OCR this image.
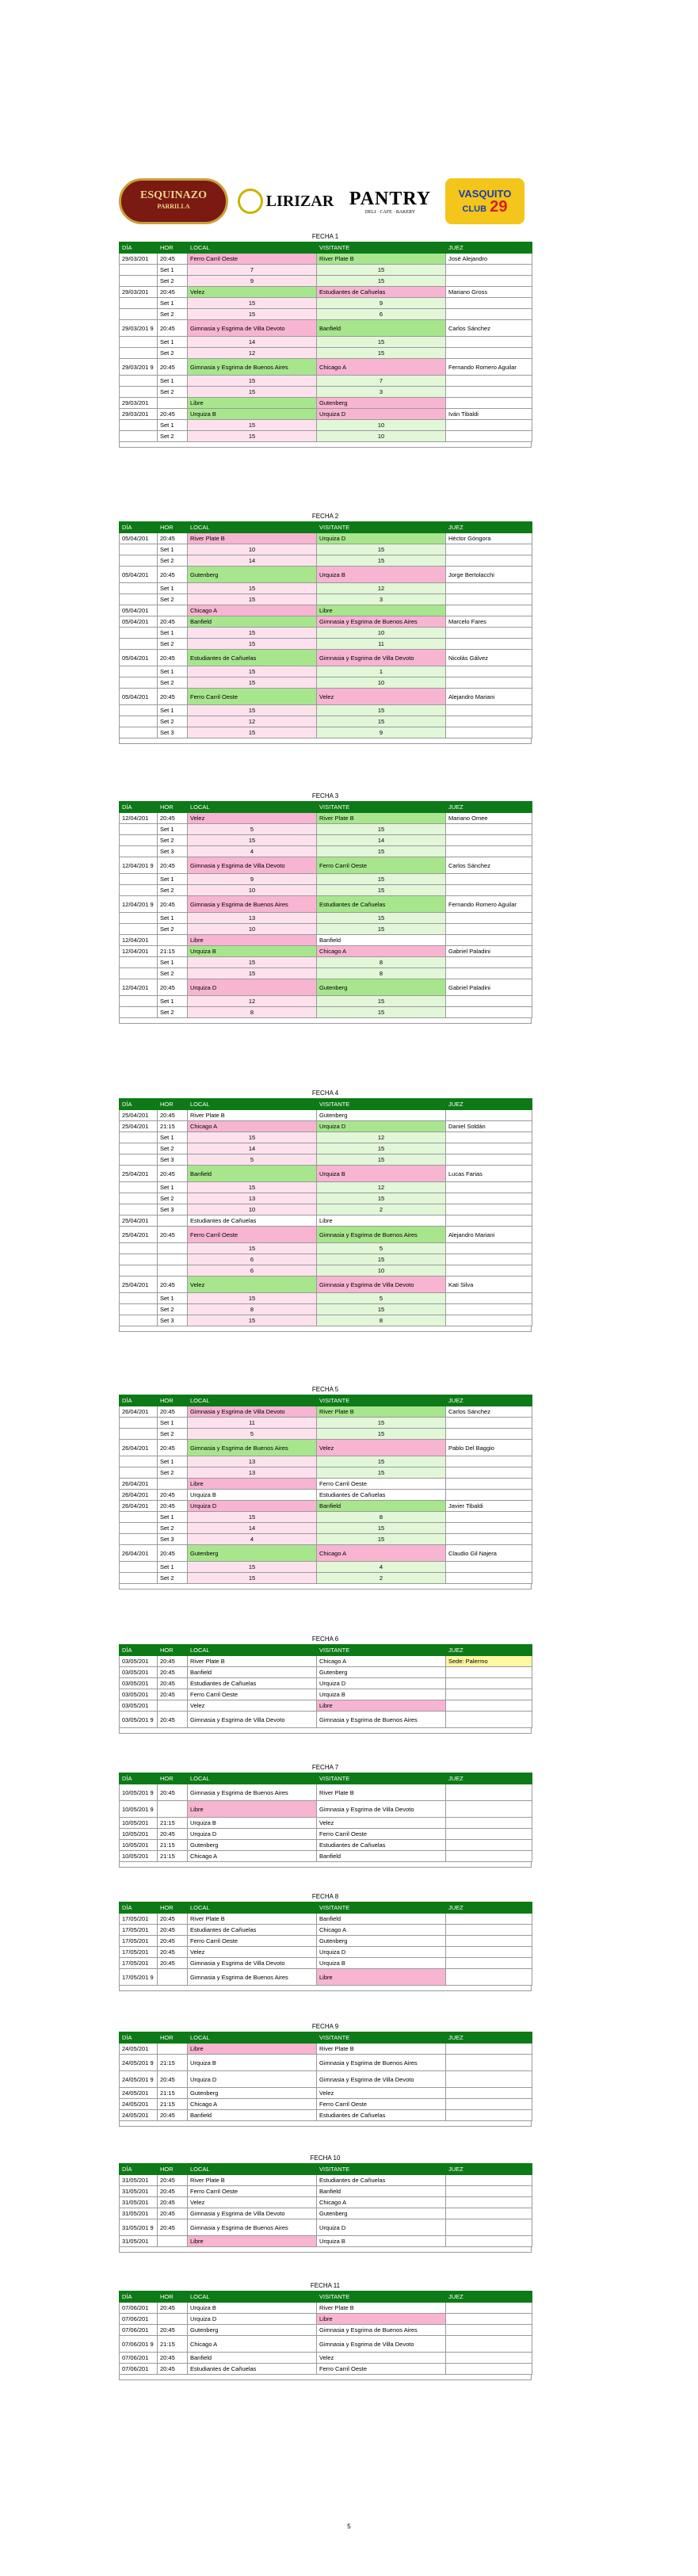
ESQUINAZO
PARRILLA	LIRIZAR PANTRY
DELI · CAFE · BAKERY
VASQUITO
CLUB 29
FECHA 1
DÍA	HOR	LOCAL	VISITANTE	JUEZ
29/03/201	20:45	Ferro Carril Oeste	River Plate B	José Alejandro
	Set 1	7	15	
	Set 2	9	15	
29/03/201	20:45	Velez	Estudiantes de Cañuelas	Mariano Gross
	Set 1	15	9	
	Set 2	15	6	
29/03/201 9	20:45	Gimnasia y Esgrima de Villa Devoto	Banfield	Carlos Sánchez
	Set 1	14	15	
	Set 2	12	15	
29/03/201 9	20:45	Gimnasia y Esgrima de Buenos Aires	Chicago A	Fernando Romero Aguilar
	Set 1	15	7	
	Set 2	15	3	
29/03/201		Libre	Gutenberg	
29/03/201	20:45	Urquiza B	Urquiza D	Iván Tibaldi
	Set 1	15	10	
	Set 2	15	10	
FECHA 2
DÍA	HOR	LOCAL	VISITANTE	JUEZ
05/04/201	20:45	River Plate B	Urquiza D	Héctor Góngora
	Set 1	10	15	
	Set 2	14	15	
05/04/201	20:45	Gutenberg	Urquiza B	Jorge Bertolacchi
	Set 1	15	12	
	Set 2	15	3	
05/04/201		Chicago A	Libre	
05/04/201	20:45	Banfield	Gimnasia y Esgrima de Buenos Aires	Marcelo Fares
	Set 1	15	10	
	Set 2	15	11	
05/04/201	20:45	Estudiantes de Cañuelas	Gimnasia y Esgrima de Villa Devoto	Nicolás Gálvez
	Set 1	15	1	
	Set 2	15	10	
05/04/201	20:45	Ferro Carril Oeste	Velez	Alejandro Mariani
	Set 1	15	15	
	Set 2	12	15	
	Set 3	15	9	
FECHA 3
DÍA	HOR	LOCAL	VISITANTE	JUEZ
12/04/201	20:45	Velez	River Plate B	Mariano Omee
	Set 1	5	15	
	Set 2	15	14	
	Set 3	4	15	
12/04/201 9	20:45	Gimnasia y Esgrima de Villa Devoto	Ferro Carril Oeste	Carlos Sánchez
	Set 1	9	15	
	Set 2	10	15	
12/04/201 9	20:45	Gimnasia y Esgrima de Buenos Aires	Estudiantes de Cañuelas	Fernando Romero Aguilar
	Set 1	13	15	
	Set 2	10	15	
12/04/201		Libre	Banfield	
12/04/201	21:15	Urquiza B	Chicago A	Gabriel Paladini
	Set 1	15	8	
	Set 2	15	8	
12/04/201	20:45	Urquiza D	Gutenberg	Gabriel Paladini
	Set 1	12	15	
	Set 2	8	15	
FECHA 4
DÍA	HOR	LOCAL	VISITANTE	JUEZ
25/04/201	20:45	River Plate B	Gutenberg	
25/04/201	21:15	Chicago A	Urquiza D	Daniel Soldán
	Set 1	15	12	
	Set 2	14	15	
	Set 3	5	15	
25/04/201	20:45	Banfield	Urquiza B	Lucas Farias
	Set 1	15	12	
	Set 2	13	15	
	Set 3	10	2	
25/04/201		Estudiantes de Cañuelas	Libre	
25/04/201	20:45	Ferro Carril Oeste	Gimnasia y Esgrima de Buenos Aires	Alejandro Mariani
		15	5	
		6	15	
		6	10	
25/04/201	20:45	Velez	Gimnasia y Esgrima de Villa Devoto	Kati Silva
	Set 1	15	5	
	Set 2	8	15	
	Set 3	15	8	
FECHA 5
DÍA	HOR	LOCAL	VISITANTE	JUEZ
26/04/201	20:45	Gimnasia y Esgrima de Villa Devoto	River Plate B	Carlos Sánchez
	Set 1	11	15	
	Set 2	5	15	
26/04/201	20:45	Gimnasia y Esgrima de Buenos Aires	Velez	Pablo Del Baggio
	Set 1	13	15	
	Set 2	13	15	
26/04/201		Libre	Ferro Carril Oeste	
26/04/201	20:45	Urquiza B	Estudiantes de Cañuelas	
26/04/201	20:45	Urquiza D	Banfield	Javier Tibaldi
	Set 1	15	8	
	Set 2	14	15	
	Set 3	4	15	
26/04/201	20:45	Gutenberg	Chicago A	Claudio Gil Najera
	Set 1	15	4	
	Set 2	15	2	
FECHA 6
DÍA	HOR	LOCAL	VISITANTE	JUEZ
03/05/201	20:45	River Plate B	Chicago A	Sede: Palermo
03/05/201	20:45	Banfield	Gutenberg	
03/05/201	20:45	Estudiantes de Cañuelas	Urquiza D	
03/05/201	20:45	Ferro Carril Oeste	Urquiza B	
03/05/201		Velez	Libre	
03/05/201 9	20:45	Gimnasia y Esgrima de Villa Devoto	Gimnasia y Esgrima de Buenos Aires	
FECHA 7
DÍA	HOR	LOCAL	VISITANTE	JUEZ
10/05/201 9	20:45	Gimnasia y Esgrima de Buenos Aires	River Plate B	
10/05/201 9		Libre	Gimnasia y Esgrima de Villa Devoto	
10/05/201	21:15	Urquiza B	Velez	
10/05/201	20:45	Urquiza D	Ferro Carril Oeste	
10/05/201	21:15	Gutenberg	Estudiantes de Cañuelas	
10/05/201	21:15	Chicago A	Banfield	
FECHA 8
DÍA	HOR	LOCAL	VISITANTE	JUEZ
17/05/201	20:45	River Plate B	Banfield	
17/05/201	20:45	Estudiantes de Cañuelas	Chicago A	
17/05/201	20:45	Ferro Carril Oeste	Gutenberg	
17/05/201	20:45	Velez	Urquiza D	
17/05/201	20:45	Gimnasia y Esgrima de Villa Devoto	Urquiza B	
17/05/201 9		Gimnasia y Esgrima de Buenos Aires	Libre	
FECHA 9
DÍA	HOR	LOCAL	VISITANTE	JUEZ
24/05/201		Libre	River Plate B	
24/05/201 9	21:15	Urquiza B	Gimnasia y Esgrima de Buenos Aires	
24/05/201 9	20:45	Urquiza D	Gimnasia y Esgrima de Villa Devoto	
24/05/201	21:15	Gutenberg	Velez	
24/05/201	21:15	Chicago A	Ferro Carril Oeste	
24/05/201	20:45	Banfield	Estudiantes de Cañuelas	
FECHA 10
DÍA	HOR	LOCAL	VISITANTE	JUEZ
31/05/201	20:45	River Plate B	Estudiantes de Cañuelas	
31/05/201	20:45	Ferro Carril Oeste	Banfield	
31/05/201	20:45	Velez	Chicago A	
31/05/201	20:45	Gimnasia y Esgrima de Villa Devoto	Gutenberg	
31/05/201 9	20:45	Gimnasia y Esgrima de Buenos Aires	Urquiza D	
31/05/201		Libre	Urquiza B	
FECHA 11
DÍA	HOR	LOCAL	VISITANTE	JUEZ
07/06/201	20:45	Urquiza B	River Plate B	
07/06/201		Urquiza D	Libre	
07/06/201	20:45	Gutenberg	Gimnasia y Esgrima de Buenos Aires	
07/06/201 9	21:15	Chicago A	Gimnasia y Esgrima de Villa Devoto	
07/06/201	20:45	Banfield	Velez	
07/06/201	20:45	Estudiantes de Cañuelas	Ferro Carril Oeste	
5
